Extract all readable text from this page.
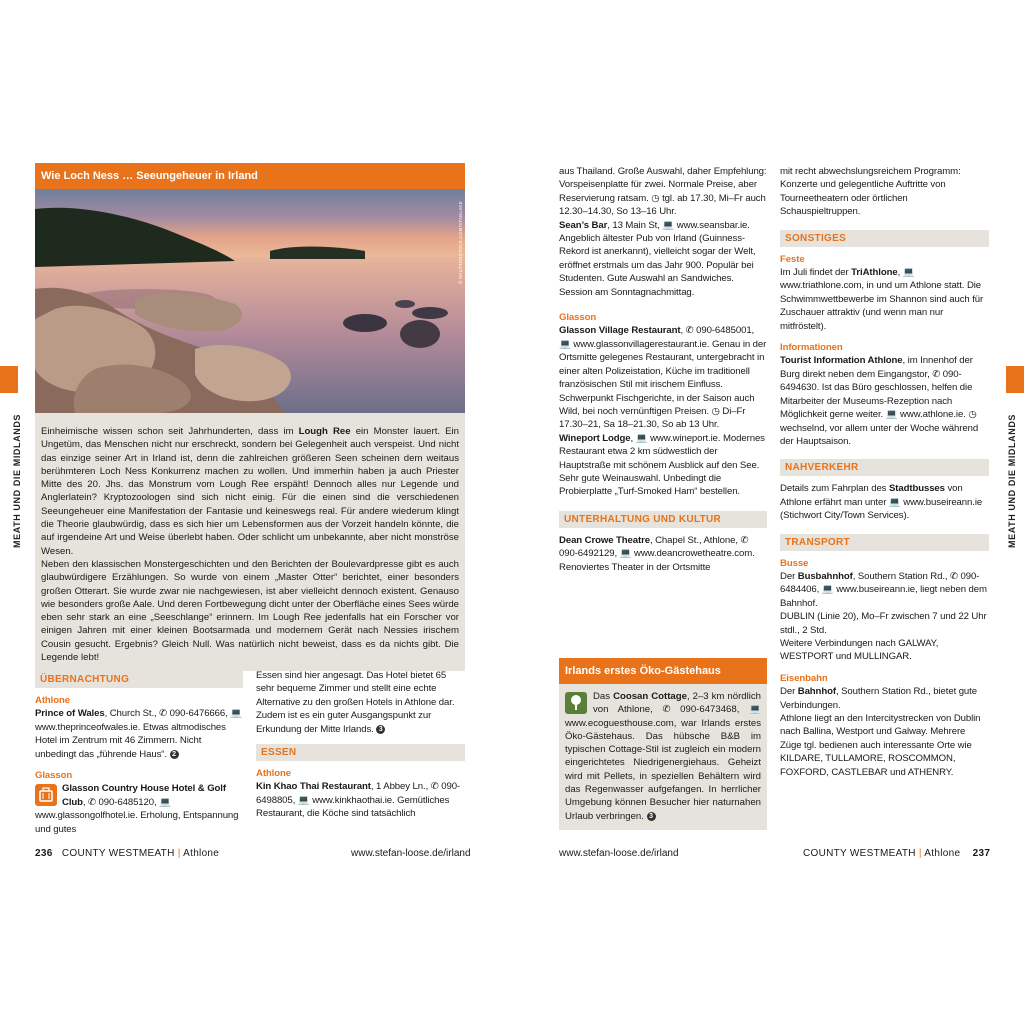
MEATH UND DIE MIDLANDS	MEATH UND DIE MIDLANDS
Wie Loch Ness … Seeungeheuer in Irland
© SHUTTERSTOCK.COM/STANLAKE

Einheimische wissen schon seit Jahrhunderten, dass im Lough Ree ein Monster lauert. Ein Ungetüm, das Menschen nicht nur erschreckt, sondern bei Gelegenheit auch verspeist. Und nicht das einzige seiner Art in Irland ist, denn die zahlreichen größeren Seen scheinen dem weitaus berühmteren Loch Ness Konkurrenz machen zu wollen. Und immerhin haben ja auch Priester Mitte des 20. Jhs. das Monstrum vom Lough Ree erspäht! Dennoch alles nur Legende und Anglerlatein? Kryptozoologen sind sich nicht einig. Für die einen sind die verschiedenen Seeungeheuer eine Manifestation der Fantasie und keineswegs real. Für andere wiederum klingt die Theorie glaubwürdig, dass es sich hier um Lebensformen aus der Vorzeit handeln könnte, die auf irgendeine Art und Weise überlebt haben. Oder schlicht um unbekannte, aber nicht monströse Wesen.

Neben den klassischen Monstergeschichten und den Berichten der Boulevardpresse gibt es auch glaubwürdigere Erzählungen. So wurde von einem „Master Otter“ berichtet, einer besonders großen Otterart. Sie wurde zwar nie nachgewiesen, ist aber vielleicht dennoch existent. Genauso wie besonders große Aale. Und deren Fortbewegung dicht unter der Oberfläche eines Sees würde eben sehr stark an eine „Seeschlange“ erinnern. Im Lough Ree jedenfalls hat ein Forscher vor einigen Jahren mit einer kleinen Bootsarmada und modernem Gerät nach Nessies irischem Cousin gesucht. Ergebnis? Gleich Null. Was natürlich nicht beweist, dass es da nichts gibt. Die Legende lebt!

ÜBERNACHTUNG
Athlone

Prince of Wales, Church St., ✆ 090-6476666, 💻 www.theprinceofwales.ie. Etwas altmodisches Hotel im Zentrum mit 46 Zimmern. Nicht unbedingt das „führende Haus“. 2

Glasson

Glasson Country House Hotel & Golf Club, ✆ 090-6485120, 💻 www.glassongolfhotel.ie. Erholung, Entspannung und gutes

Essen sind hier angesagt. Das Hotel bietet 65 sehr bequeme Zimmer und stellt eine echte Alternative zu den großen Hotels in Athlone dar. Zudem ist es ein guter Ausgangspunkt zur Erkundung der Mitte Irlands. 3

ESSEN
Athlone

Kin Khao Thai Restaurant, 1 Abbey Ln., ✆ 090-6498805, 💻 www.kinkhaothai.ie. Gemütliches Restaurant, die Köche sind tatsächlich

236 COUNTY WESTMEATH | Athlone	www.stefan-loose.de/irland

aus Thailand. Große Auswahl, daher Empfehlung: Vorspeisenplatte für zwei. Normale Preise, aber Reservierung ratsam. ◷ tgl. ab 17.30, Mi–Fr auch 12.30–14.30, So 13–16 Uhr.

Sean’s Bar, 13 Main St, 💻 www.seansbar.ie. Angeblich ältester Pub von Irland (Guinness-Rekord ist anerkannt), vielleicht sogar der Welt, eröffnet erstmals um das Jahr 900. Populär bei Studenten. Gute Auswahl an Sandwiches. Session am Sonntagnachmittag.

Glasson

Glasson Village Restaurant, ✆ 090-6485001, 💻 www.glassonvillagerestaurant.ie. Genau in der Ortsmitte gelegenes Restaurant, untergebracht in einer alten Polizeistation, Küche im traditionell französischen Stil mit irischem Einfluss. Schwerpunkt Fischgerichte, in der Saison auch Wild, bei noch vernünftigen Preisen. ◷ Di–Fr 17.30–21, Sa 18–21.30, So ab 13 Uhr.

Wineport Lodge, 💻 www.wineport.ie. Modernes Restaurant etwa 2 km südwestlich der Hauptstraße mit schönem Ausblick auf den See. Sehr gute Weinauswahl. Unbedingt die Probierplatte „Turf-Smoked Ham“ bestellen.

UNTERHALTUNG UND KULTUR

Dean Crowe Theatre, Chapel St., Athlone, ✆ 090-6492129, 💻 www.deancrowetheatre.com. Renoviertes Theater in der Ortsmitte

Irlands erstes Öko-Gästehaus
Das Coosan Cottage, 2–3 km nördlich von Athlone, ✆ 090-6473468, 💻 www.ecoguesthouse.com, war Irlands erstes Öko-Gästehaus. Das hübsche B&B im typischen Cottage-Stil ist zugleich ein modern eingerichtetes Niedrigenergiehaus. Geheizt wird mit Pellets, in speziellen Behältern wird das Regenwasser aufgefangen. In herrlicher Umgebung können Besucher hier naturnahen Urlaub verbringen. 3

mit recht abwechslungsreichem Programm: Konzerte und gelegentliche Auftritte von Tourneetheatern oder örtlichen Schauspieltruppen.

SONSTIGES
Feste

Im Juli findet der TriAthlone, 💻 www.triathlone.com, in und um Athlone statt. Die Schwimmwettbewerbe im Shannon sind auch für Zuschauer attraktiv (und wenn man nur mitfröstelt).

Informationen

Tourist Information Athlone, im Innenhof der Burg direkt neben dem Eingangstor, ✆ 090-6494630. Ist das Büro geschlossen, helfen die Mitarbeiter der Museums-Rezeption nach Möglichkeit gerne weiter. 💻 www.athlone.ie. ◷ wechselnd, vor allem unter der Woche während der Hauptsaison.

NAHVERKEHR

Details zum Fahrplan des Stadtbusses von Athlone erfährt man unter 💻 www.buseireann.ie (Stichwort City/Town Services).

TRANSPORT
Busse

Der Busbahnhof, Southern Station Rd., ✆ 090-6484406, 💻 www.buseireann.ie, liegt neben dem Bahnhof.

DUBLIN (Linie 20), Mo–Fr zwischen 7 und 22 Uhr stdl., 2 Std.

Weitere Verbindungen nach GALWAY, WESTPORT und MULLINGAR.

Eisenbahn

Der Bahnhof, Southern Station Rd., bietet gute Verbindungen.

Athlone liegt an den Intercitystrecken von Dublin nach Ballina, Westport und Galway. Mehrere Züge tgl. bedienen auch interessante Orte wie KILDARE, TULLAMORE, ROSCOMMON, FOXFORD, CASTLEBAR und ATHENRY.

www.stefan-loose.de/irland	COUNTY WESTMEATH | Athlone 237
